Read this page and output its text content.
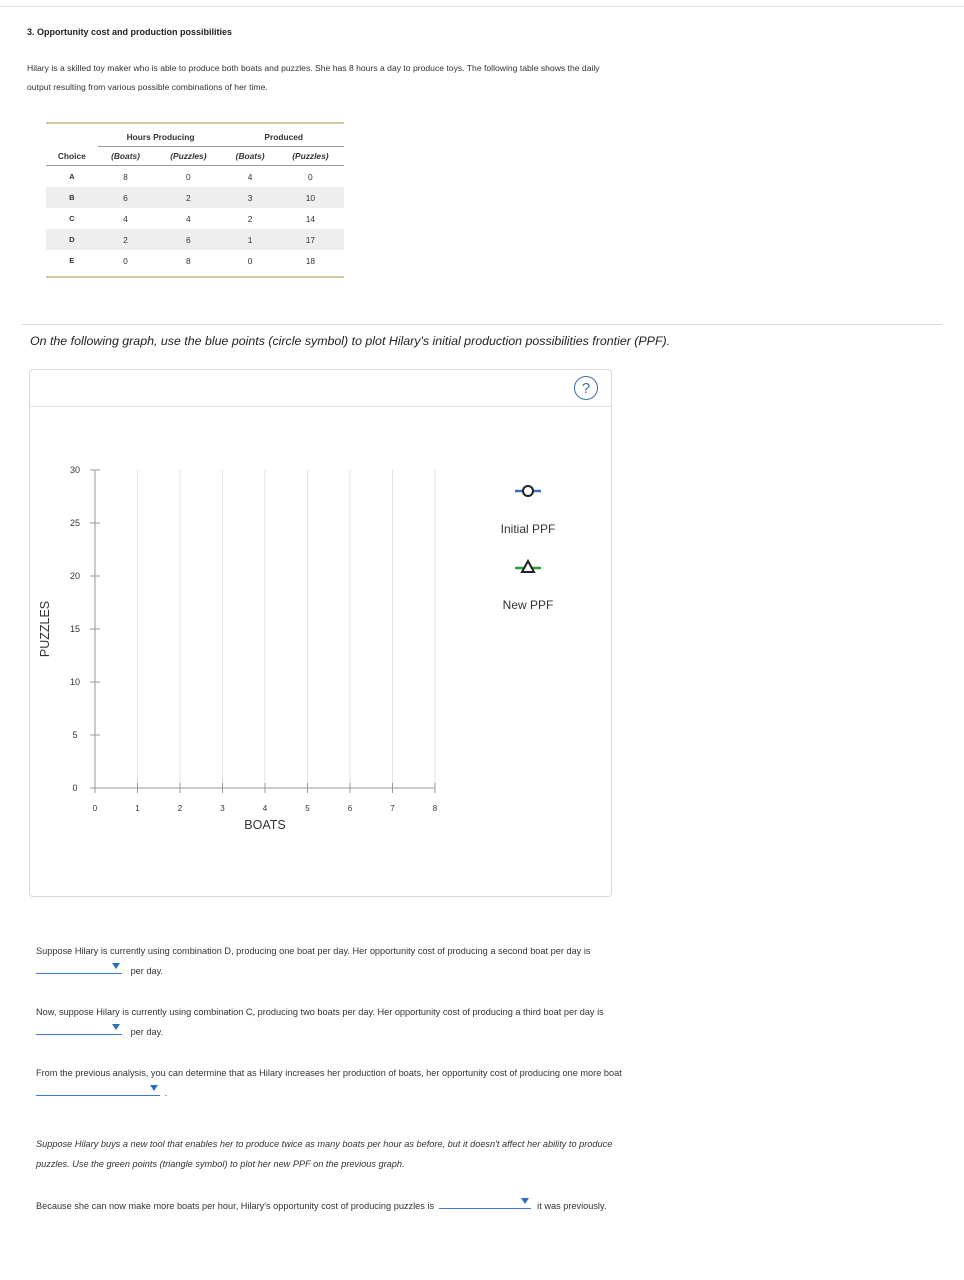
3. Opportunity cost and production possibilities
Hilary is a skilled toy maker who is able to produce both boats and puzzles. She has 8 hours a day to produce toys. The following table shows the daily
output resulting from various possible combinations of her time.
	Hours Producing		Produced	
Choice	(Boats)	(Puzzles)	(Boats)	(Puzzles)
A	8	0	4	0
B	6	2	3	10
C	4	4	2	14
D	2	6	1	17
E	0	8	0	18
On the following graph, use the blue points (circle symbol) to plot Hilary's initial production possibilities frontier (PPF).
?
0
5
10
15
20
25
30
0	1	2	3	4	5	6	7	8
BOATS
PUZZLES
Initial PPF
New PPF
Suppose Hilary is currently using combination D, producing one boat per day. Her opportunity cost of producing a second boat per day is
per day.
Now, suppose Hilary is currently using combination C, producing two boats per day. Her opportunity cost of producing a third boat per day is
per day.
From the previous analysis, you can determine that as Hilary increases her production of boats, her opportunity cost of producing one more boat
.
Suppose Hilary buys a new tool that enables her to produce twice as many boats per hour as before, but it doesn't affect her ability to produce
puzzles. Use the green points (triangle symbol) to plot her new PPF on the previous graph.
Because she can now make more boats per hour, Hilary's opportunity cost of producing puzzles is	it was previously.
